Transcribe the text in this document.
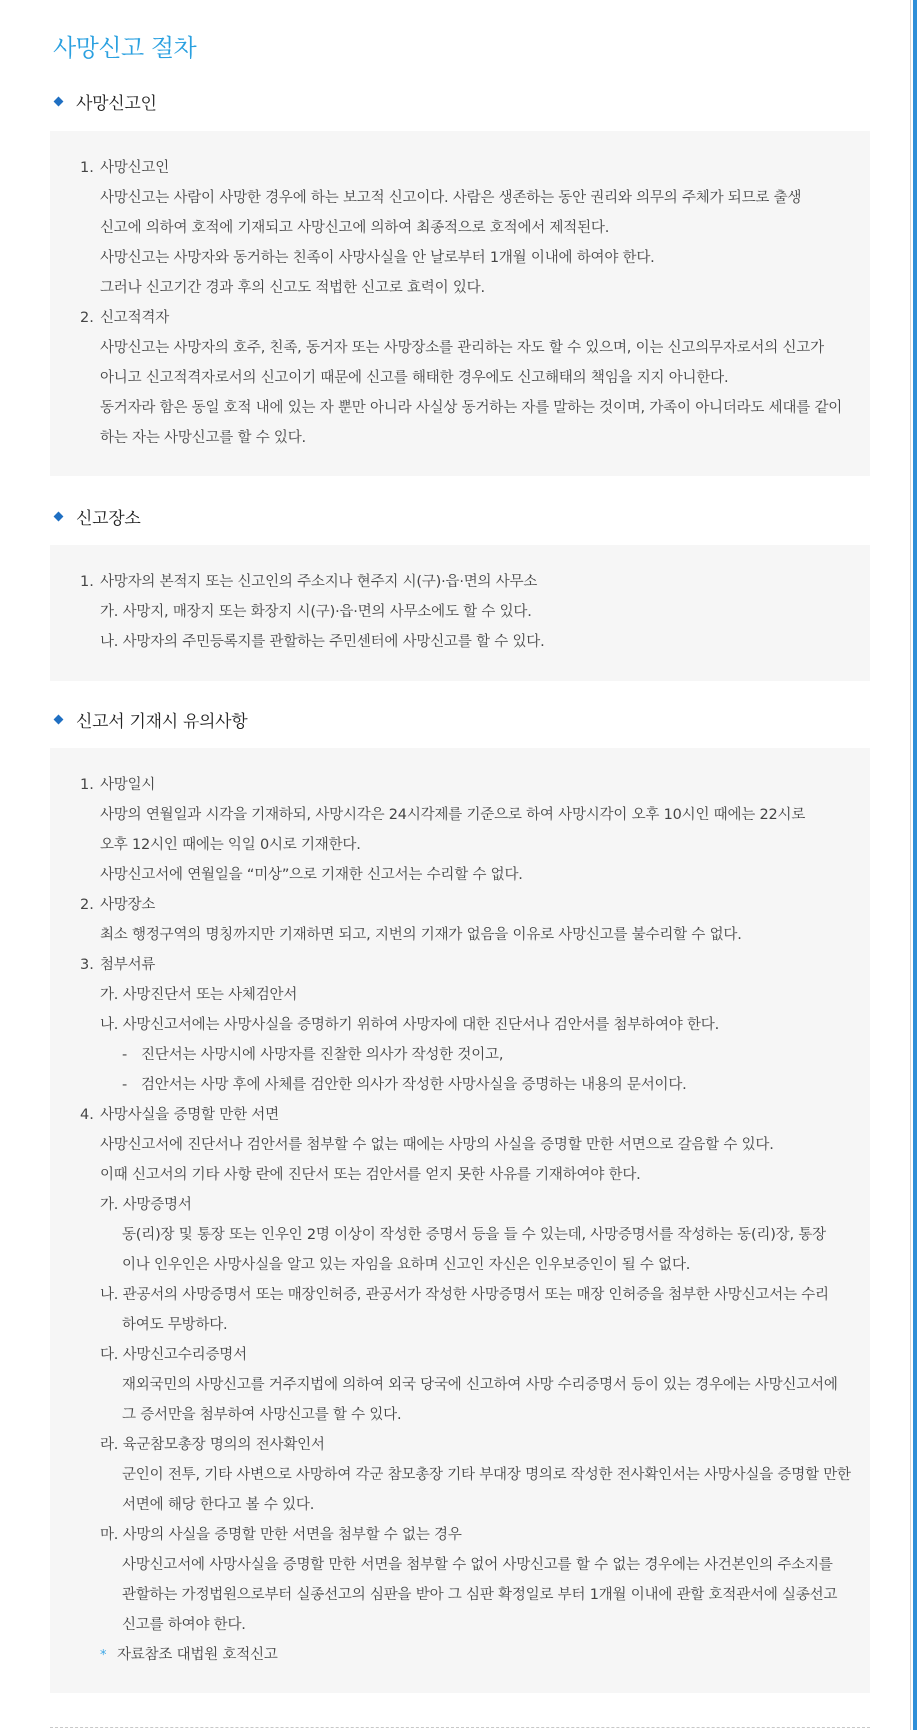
사망신고 절차
사망신고인
1. 사망신고인
사망신고는 사람이 사망한 경우에 하는 보고적 신고이다. 사람은 생존하는 동안 권리와 의무의 주체가 되므로 출생
신고에 의하여 호적에 기재되고 사망신고에 의하여 최종적으로 호적에서 제적된다.
사망신고는 사망자와 동거하는 친족이 사망사실을 안 날로부터 1개월 이내에 하여야 한다.
그러나 신고기간 경과 후의 신고도 적법한 신고로 효력이 있다.
2. 신고적격자
사망신고는 사망자의 호주, 친족, 동거자 또는 사망장소를 관리하는 자도 할 수 있으며, 이는 신고의무자로서의 신고가
아니고 신고적격자로서의 신고이기 때문에 신고를 해태한 경우에도 신고해태의 책임을 지지 아니한다.
동거자라 함은 동일 호적 내에 있는 자 뿐만 아니라 사실상 동거하는 자를 말하는 것이며, 가족이 아니더라도 세대를 같이
하는 자는 사망신고를 할 수 있다.
신고장소
1. 사망자의 본적지 또는 신고인의 주소지나 현주지 시(구)·읍·면의 사무소
가. 사망지, 매장지 또는 화장지 시(구)·읍·면의 사무소에도 할 수 있다.
나. 사망자의 주민등록지를 관할하는 주민센터에 사망신고를 할 수 있다.
신고서 기재시 유의사항
1. 사망일시
사망의 연월일과 시각을 기재하되, 사망시각은 24시각제를 기준으로 하여 사망시각이 오후 10시인 때에는 22시로
오후 12시인 때에는 익일 0시로 기재한다.
사망신고서에 연월일을 “미상”으로 기재한 신고서는 수리할 수 없다.
2. 사망장소
최소 행정구역의 명칭까지만 기재하면 되고, 지번의 기재가 없음을 이유로 사망신고를 불수리할 수 없다.
3. 첨부서류
가. 사망진단서 또는 사체검안서
나. 사망신고서에는 사망사실을 증명하기 위하여 사망자에 대한 진단서나 검안서를 첨부하여야 한다.
- 진단서는 사망시에 사망자를 진찰한 의사가 작성한 것이고,
- 검안서는 사망 후에 사체를 검안한 의사가 작성한 사망사실을 증명하는 내용의 문서이다.
4. 사망사실을 증명할 만한 서면
사망신고서에 진단서나 검안서를 첨부할 수 없는 때에는 사망의 사실을 증명할 만한 서면으로 갈음할 수 있다.
이때 신고서의 기타 사항 란에 진단서 또는 검안서를 얻지 못한 사유를 기재하여야 한다.
가. 사망증명서
동(리)장 및 통장 또는 인우인 2명 이상이 작성한 증명서 등을 들 수 있는데, 사망증명서를 작성하는 동(리)장, 통장
이나 인우인은 사망사실을 알고 있는 자임을 요하며 신고인 자신은 인우보증인이 될 수 없다.
나. 관공서의 사망증명서 또는 매장인허증, 관공서가 작성한 사망증명서 또는 매장 인허증을 첨부한 사망신고서는 수리
하여도 무방하다.
다. 사망신고수리증명서
재외국민의 사망신고를 거주지법에 의하여 외국 당국에 신고하여 사망 수리증명서 등이 있는 경우에는 사망신고서에
그 증서만을 첨부하여 사망신고를 할 수 있다.
라. 육군참모총장 명의의 전사확인서
군인이 전투, 기타 사변으로 사망하여 각군 참모총장 기타 부대장 명의로 작성한 전사확인서는 사망사실을 증명할 만한
서면에 해당 한다고 볼 수 있다.
마. 사망의 사실을 증명할 만한 서면을 첨부할 수 없는 경우
사망신고서에 사망사실을 증명할 만한 서면을 첨부할 수 없어 사망신고를 할 수 없는 경우에는 사건본인의 주소지를
관할하는 가정법원으로부터 실종선고의 심판을 받아 그 심판 확정일로 부터 1개월 이내에 관할 호적관서에 실종선고
신고를 하여야 한다.
* 자료참조 대법원 호적신고
